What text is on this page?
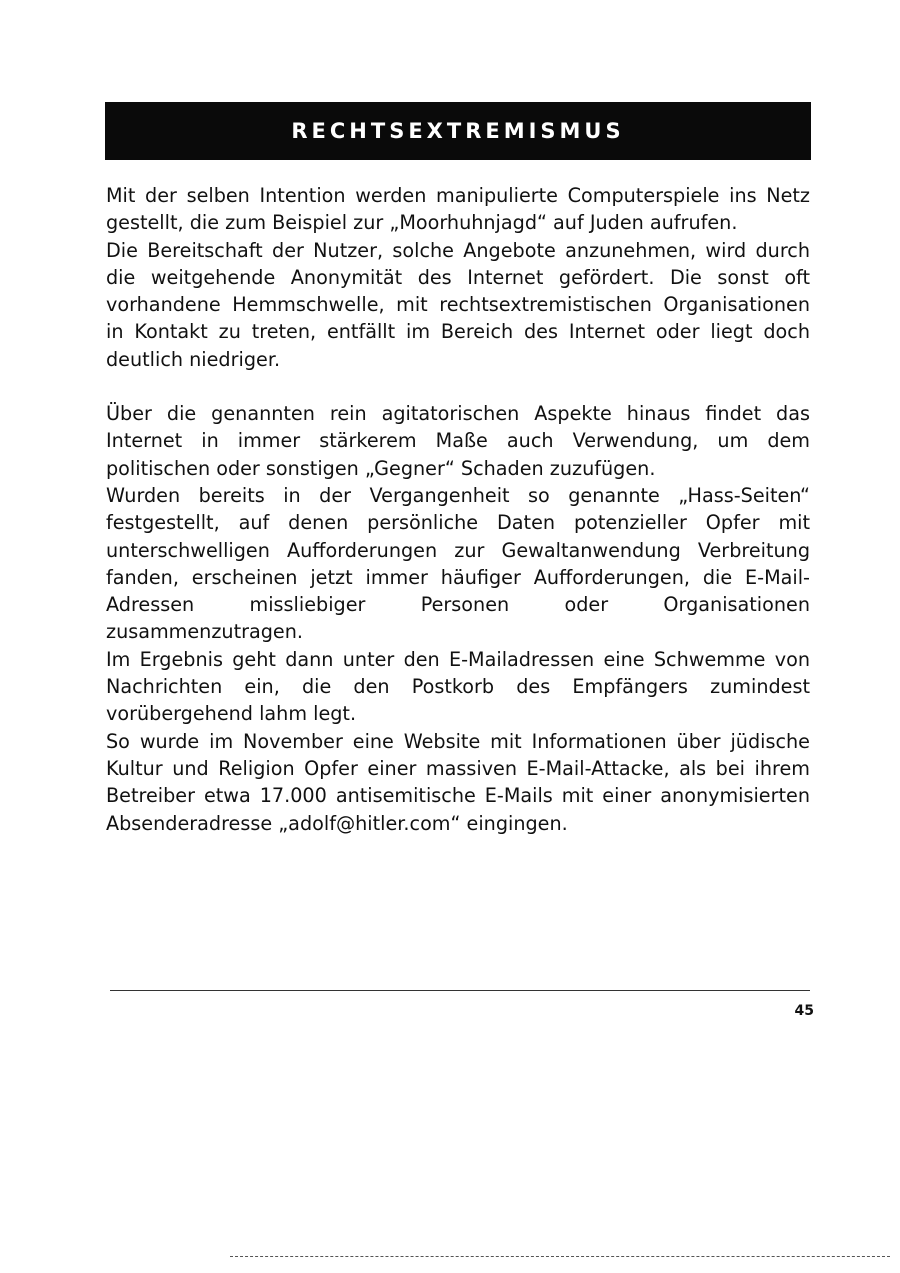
RECHTSEXTREMISMUS

Mit der selben Intention werden manipulierte Computerspiele ins Netz gestellt, die zum Beispiel zur „Moorhuhnjagd“ auf Juden aufrufen.

Die Bereitschaft der Nutzer, solche Angebote anzunehmen, wird durch die weitgehende Anonymität des Internet gefördert. Die sonst oft vorhandene Hemmschwelle, mit rechtsextremistischen Organisationen in Kontakt zu treten, entfällt im Bereich des Internet oder liegt doch deutlich niedriger.

Über die genannten rein agitatorischen Aspekte hinaus findet das Internet in immer stärkerem Maße auch Verwendung, um dem politischen oder sonstigen „Gegner“ Schaden zuzufügen.

Wurden bereits in der Vergangenheit so genannte „Hass-Seiten“ festgestellt, auf denen persönliche Daten potenzieller Opfer mit unterschwelligen Aufforderungen zur Gewaltanwendung Verbreitung fanden, erscheinen jetzt immer häufiger Aufforderungen, die E-Mail-Adressen missliebiger Personen oder Organisationen zusammenzutragen.

Im Ergebnis geht dann unter den E-Mailadressen eine Schwemme von Nachrichten ein, die den Postkorb des Empfängers zumindest vorübergehend lahm legt.

So wurde im November eine Website mit Informationen über jüdische Kultur und Religion Opfer einer massiven E-Mail-Attacke, als bei ihrem Betreiber etwa 17.000 antisemitische E-Mails mit einer anonymisierten Absenderadresse „adolf@hitler.com“ eingingen.

45
